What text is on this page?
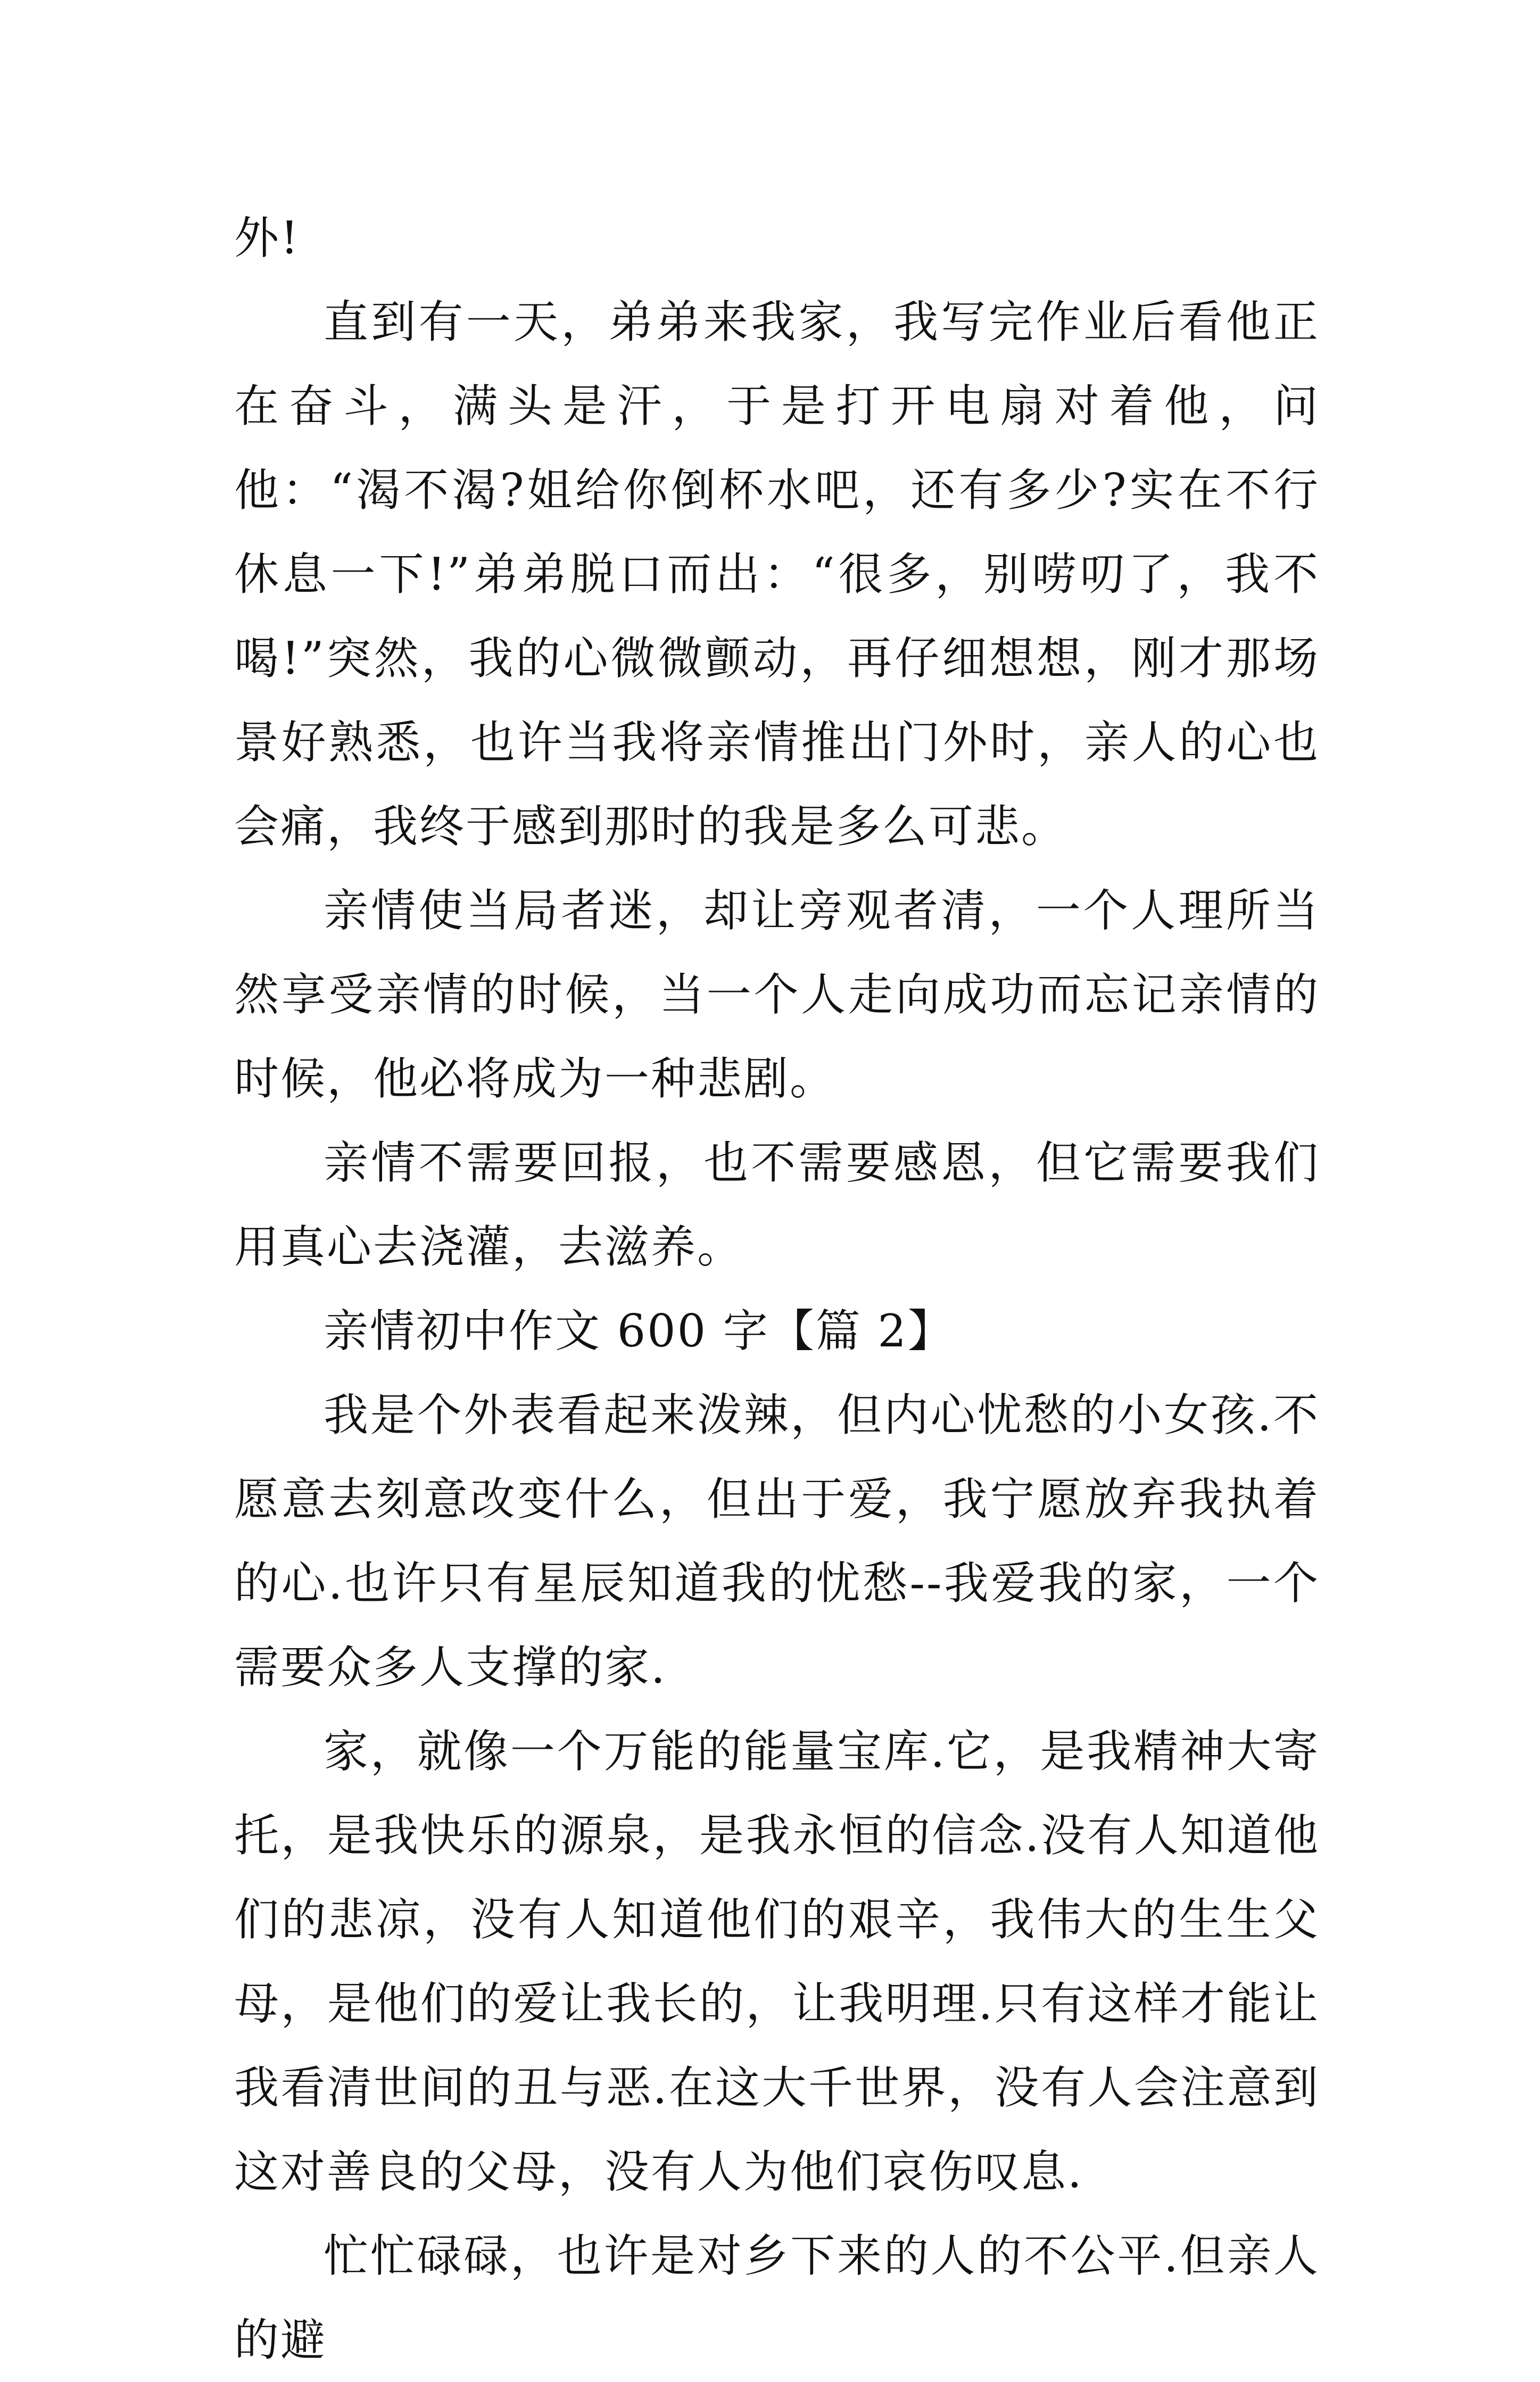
外!

直到有一天，弟弟来我家，我写完作业后看他正在奋斗，满头是汗，于是打开电扇对着他，问他：“渴不渴?姐给你倒杯水吧，还有多少?实在不行休息一下!”弟弟脱口而出：“很多，别唠叨了，我不喝!”突然，我的心微微颤动，再仔细想想，刚才那场景好熟悉，也许当我将亲情推出门外时，亲人的心也会痛，我终于感到那时的我是多么可悲。

亲情使当局者迷，却让旁观者清，一个人理所当然享受亲情的时候，当一个人走向成功而忘记亲情的时候，他必将成为一种悲剧。

亲情不需要回报，也不需要感恩，但它需要我们用真心去浇灌，去滋养。

亲情初中作文 600 字【篇 2】

我是个外表看起来泼辣，但内心忧愁的小女孩.不愿意去刻意改变什么，但出于爱，我宁愿放弃我执着的心.也许只有星辰知道我的忧愁--我爱我的家，一个需要众多人支撑的家.

家，就像一个万能的能量宝库.它，是我精神大寄托，是我快乐的源泉，是我永恒的信念.没有人知道他们的悲凉，没有人知道他们的艰辛，我伟大的生生父母，是他们的爱让我长的，让我明理.只有这样才能让我看清世间的丑与恶.在这大千世界，没有人会注意到这对善良的父母，没有人为他们哀伤叹息.

忙忙碌碌，也许是对乡下来的人的不公平.但亲人的避
